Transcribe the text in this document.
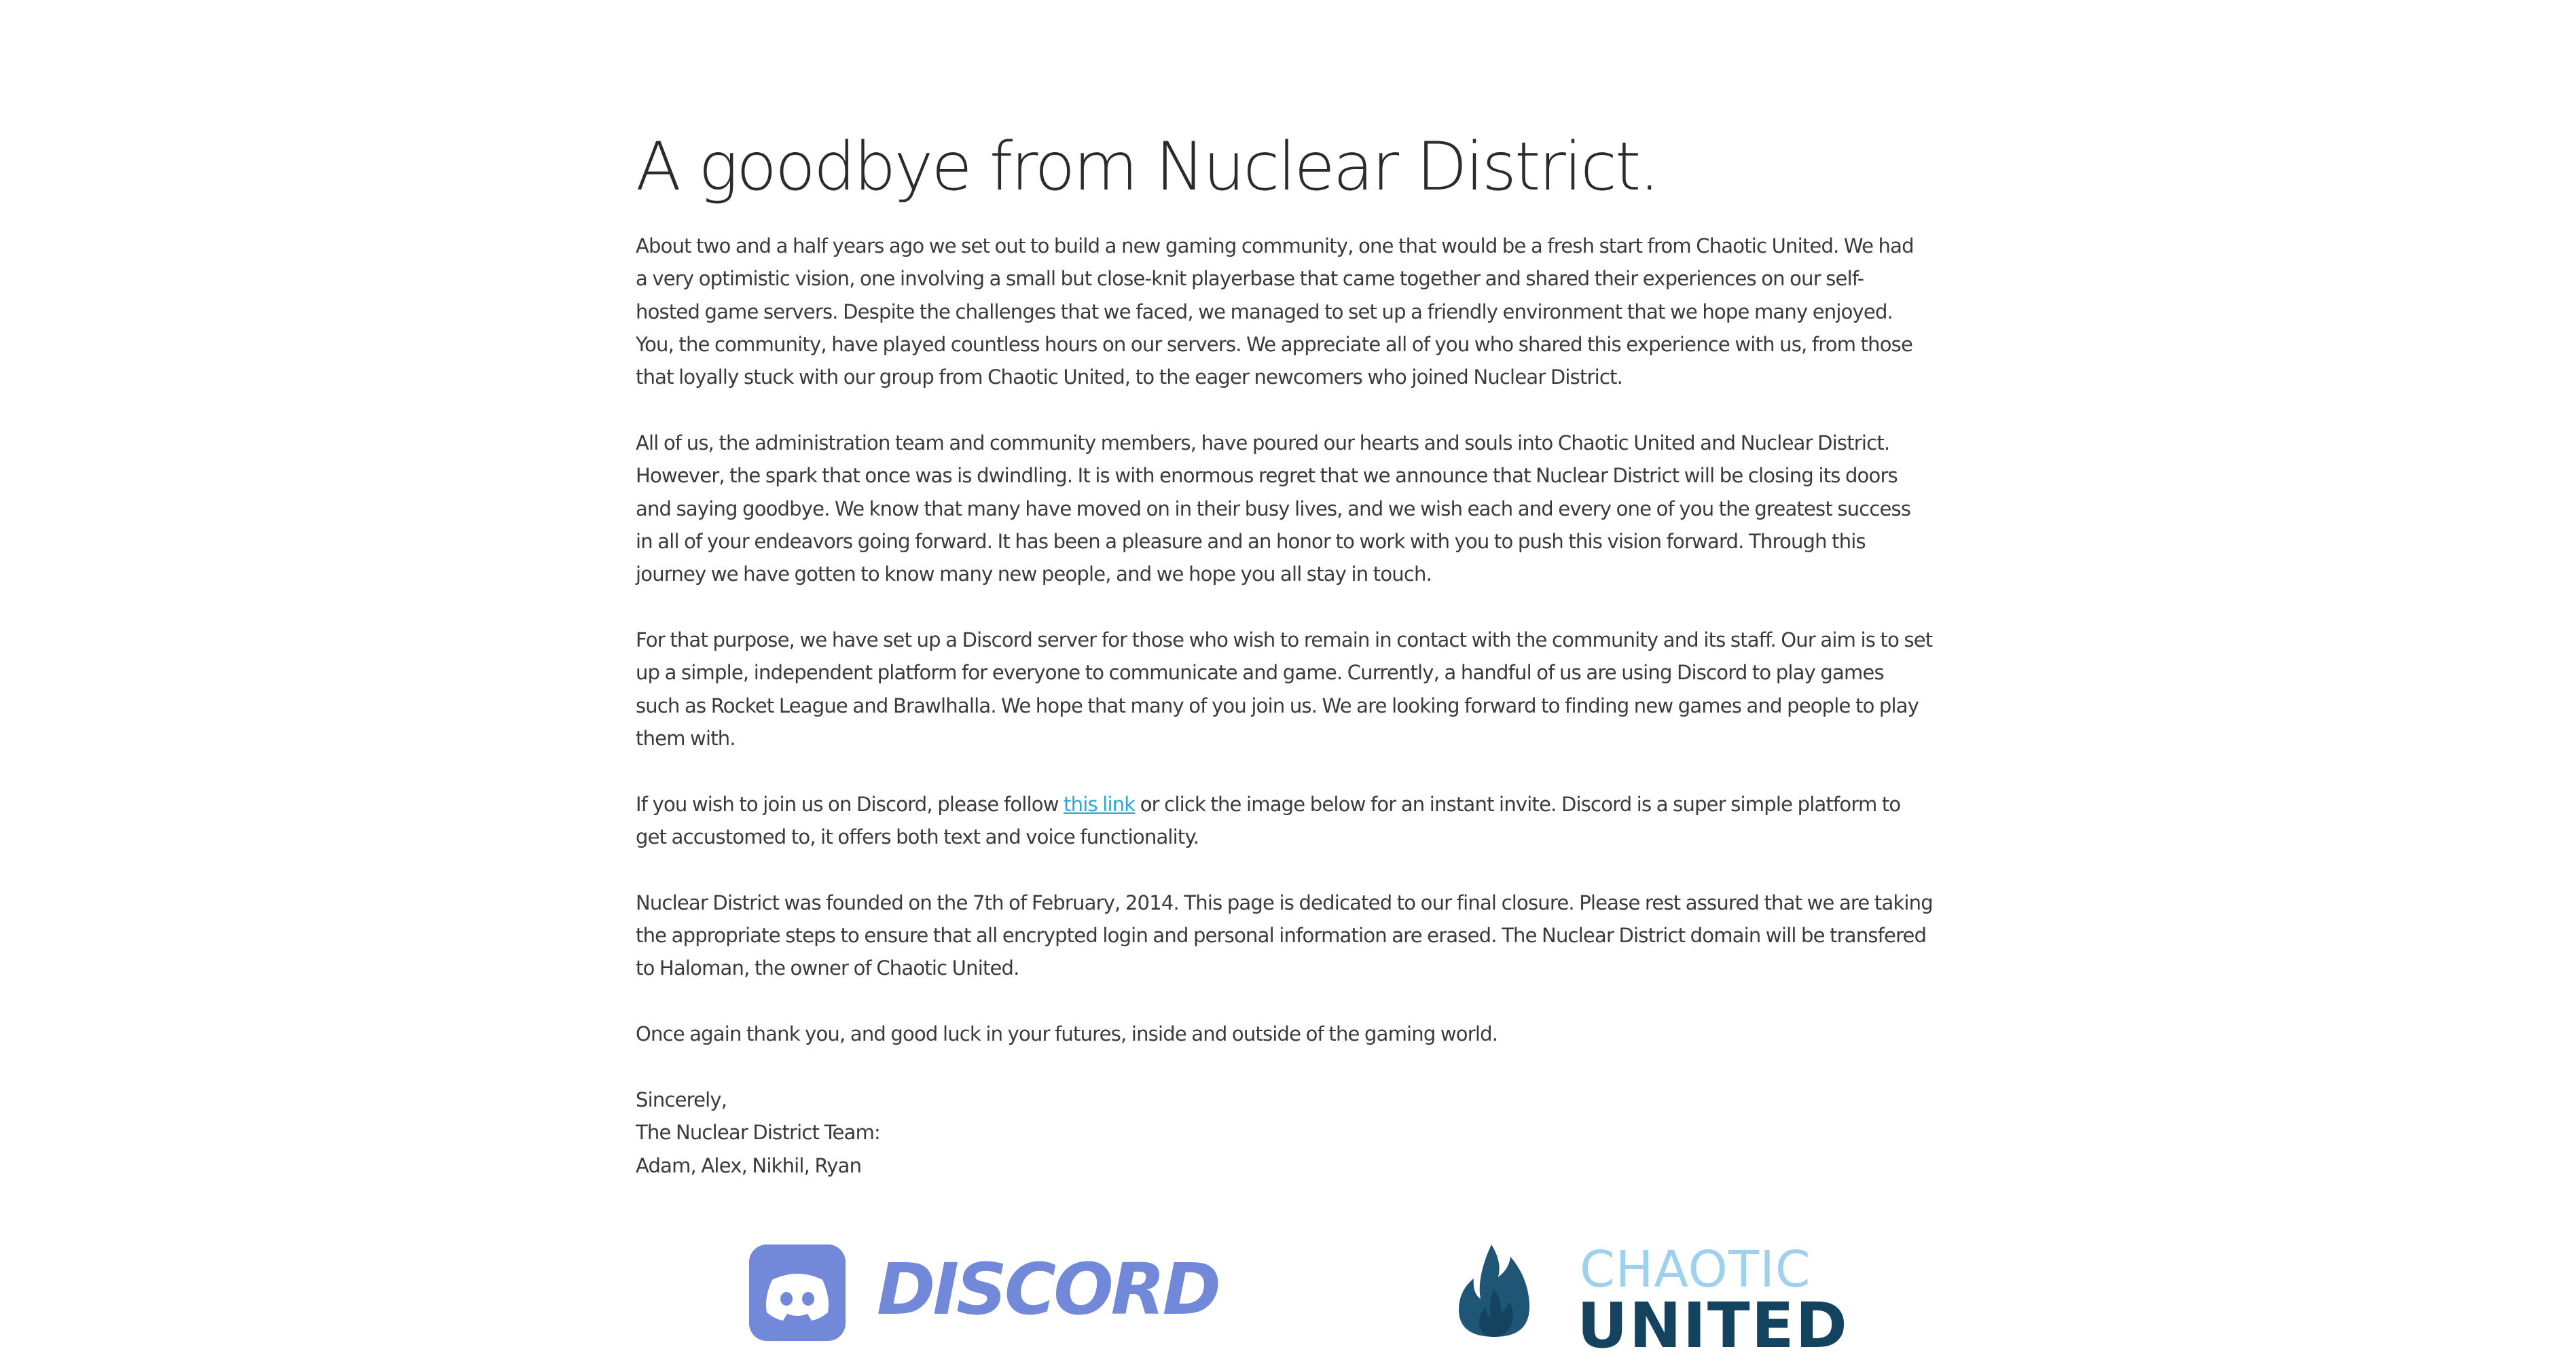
A goodbye from Nuclear District.

About two and a half years ago we set out to build a new gaming community, one that would be a fresh start from Chaotic United. We had
a very optimistic vision, one involving a small but close-knit playerbase that came together and shared their experiences on our self-
hosted game servers. Despite the challenges that we faced, we managed to set up a friendly environment that we hope many enjoyed.
You, the community, have played countless hours on our servers. We appreciate all of you who shared this experience with us, from those
that loyally stuck with our group from Chaotic United, to the eager newcomers who joined Nuclear District.

All of us, the administration team and community members, have poured our hearts and souls into Chaotic United and Nuclear District.
However, the spark that once was is dwindling. It is with enormous regret that we announce that Nuclear District will be closing its doors
and saying goodbye. We know that many have moved on in their busy lives, and we wish each and every one of you the greatest success
in all of your endeavors going forward. It has been a pleasure and an honor to work with you to push this vision forward. Through this
journey we have gotten to know many new people, and we hope you all stay in touch.

For that purpose, we have set up a Discord server for those who wish to remain in contact with the community and its staff. Our aim is to set
up a simple, independent platform for everyone to communicate and game. Currently, a handful of us are using Discord to play games
such as Rocket League and Brawlhalla. We hope that many of you join us. We are looking forward to finding new games and people to play
them with.

If you wish to join us on Discord, please follow this link or click the image below for an instant invite. Discord is a super simple platform to
get accustomed to, it offers both text and voice functionality.

Nuclear District was founded on the 7th of February, 2014. This page is dedicated to our final closure. Please rest assured that we are taking
the appropriate steps to ensure that all encrypted login and personal information are erased. The Nuclear District domain will be transfered
to Haloman, the owner of Chaotic United.

Once again thank you, and good luck in your futures, inside and outside of the gaming world.

Sincerely,
The Nuclear District Team:
Adam, Alex, Nikhil, Ryan

DISCORD	CHAOTIC
UNITED
